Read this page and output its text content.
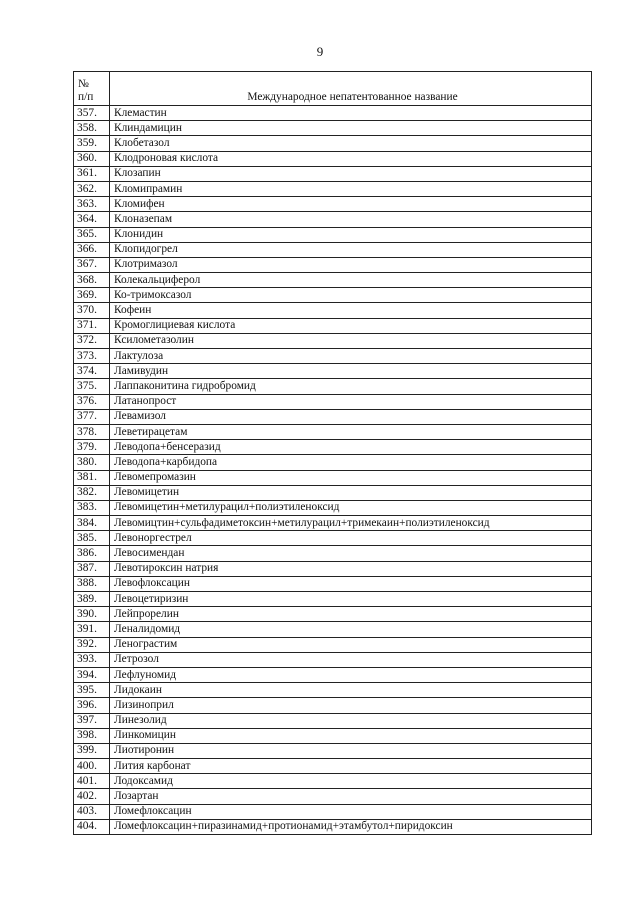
9
№
п/п	Международное непатентованное название
357.	Клемастин
358.	Клиндамицин
359.	Клобетазол
360.	Клодроновая кислота
361.	Клозапин
362.	Кломипрамин
363.	Кломифен
364.	Клоназепам
365.	Клонидин
366.	Клопидогрел
367.	Клотримазол
368.	Колекальциферол
369.	Ко-тримоксазол
370.	Кофеин
371.	Кромоглициевая кислота
372.	Ксилометазолин
373.	Лактулоза
374.	Ламивудин
375.	Лаппаконитина гидробромид
376.	Латанопрост
377.	Левамизол
378.	Леветирацетам
379.	Леводопа+бенсеразид
380.	Леводопа+карбидопа
381.	Левомепромазин
382.	Левомицетин
383.	Левомицетин+метилурацил+полиэтиленоксид
384.	Левомицтин+сульфадиметоксин+метилурацил+тримекаин+полиэтиленоксид
385.	Левоноргестрел
386.	Левосимендан
387.	Левотироксин натрия
388.	Левофлоксацин
389.	Левоцетиризин
390.	Лейпрорелин
391.	Леналидомид
392.	Ленограстим
393.	Летрозол
394.	Лефлуномид
395.	Лидокаин
396.	Лизиноприл
397.	Линезолид
398.	Линкомицин
399.	Лиотиронин
400.	Лития карбонат
401.	Лодоксамид
402.	Лозартан
403.	Ломефлоксацин
404.	Ломефлоксацин+пиразинамид+протионамид+этамбутол+пиридоксин
